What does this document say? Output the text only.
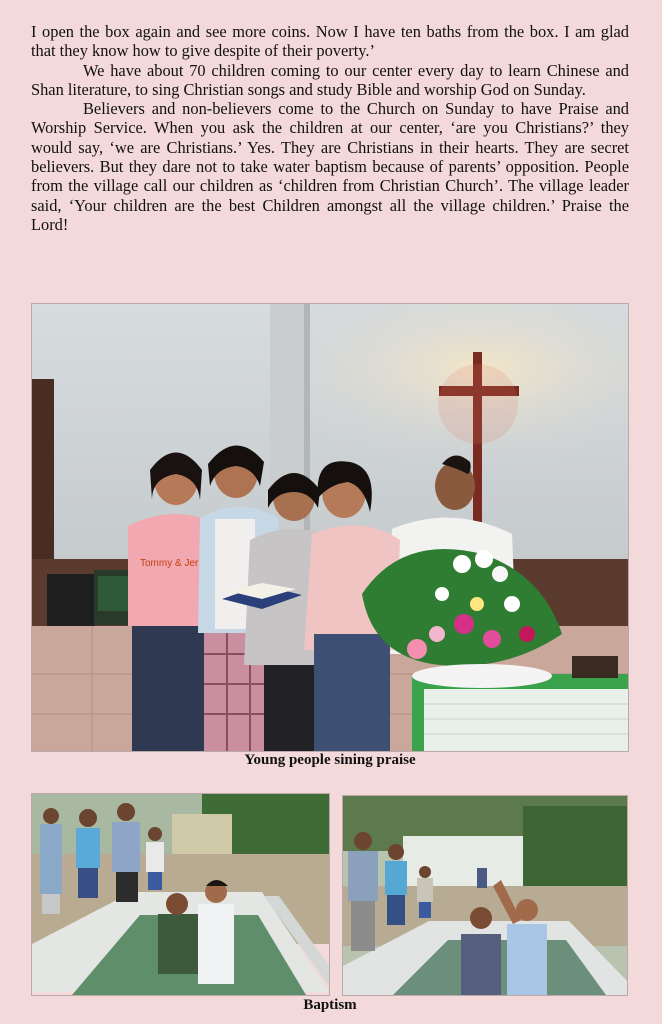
I open the box again and see more coins. Now I have ten baths from the box. I am glad that they know how to give despite of their poverty.’

We have about 70 children coming to our center every day to learn Chinese and Shan literature, to sing Christian songs and study Bible and worship God on Sunday.

Believers and non-believers come to the Church on Sunday to have Praise and Worship Service. When you ask the children at our center, ‘are you Christians?’ they would say, ‘we are Christians.’ Yes. They are Christians in their hearts. They are secret believers. But they dare not to take water baptism because of parents’ opposition. People from the village call our children as ‘children from Christian Church’. The village leader said, ‘Your children are the best Children amongst all the village children.’ Praise the Lord!

Tommy & Jer
Young people sining praise
Baptism
